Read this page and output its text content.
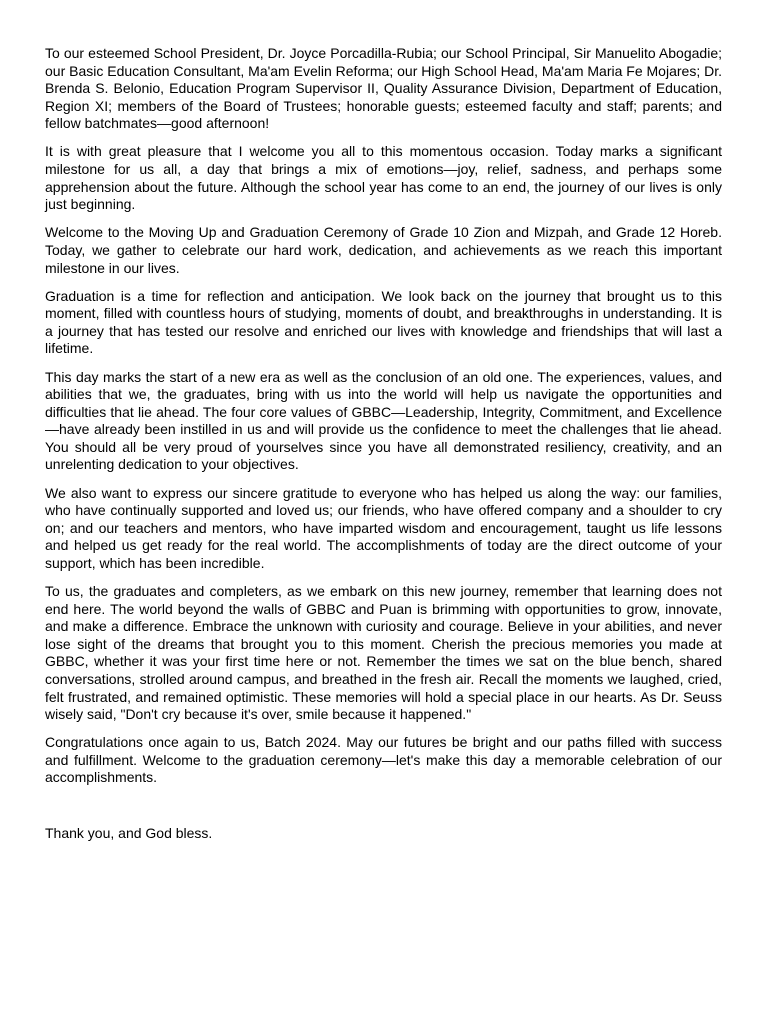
To our esteemed School President, Dr. Joyce Porcadilla-Rubia; our School Principal, Sir Manuelito Abogadie; our Basic Education Consultant, Ma'am Evelin Reforma; our High School Head, Ma'am Maria Fe Mojares; Dr. Brenda S. Belonio, Education Program Supervisor II, Quality Assurance Division, Department of Education, Region XI; members of the Board of Trustees; honorable guests; esteemed faculty and staff; parents; and fellow batchmates—good afternoon!

It is with great pleasure that I welcome you all to this momentous occasion. Today marks a significant milestone for us all, a day that brings a mix of emotions—joy, relief, sadness, and perhaps some apprehension about the future. Although the school year has come to an end, the journey of our lives is only just beginning.

Welcome to the Moving Up and Graduation Ceremony of Grade 10 Zion and Mizpah, and Grade 12 Horeb. Today, we gather to celebrate our hard work, dedication, and achievements as we reach this important milestone in our lives.

Graduation is a time for reflection and anticipation. We look back on the journey that brought us to this moment, filled with countless hours of studying, moments of doubt, and breakthroughs in understanding. It is a journey that has tested our resolve and enriched our lives with knowledge and friendships that will last a lifetime.

This day marks the start of a new era as well as the conclusion of an old one. The experiences, values, and abilities that we, the graduates, bring with us into the world will help us navigate the opportunities and difficulties that lie ahead. The four core values of GBBC—Leadership, Integrity, Commitment, and Excellence—have already been instilled in us and will provide us the confidence to meet the challenges that lie ahead. You should all be very proud of yourselves since you have all demonstrated resiliency, creativity, and an unrelenting dedication to your objectives.

We also want to express our sincere gratitude to everyone who has helped us along the way: our families, who have continually supported and loved us; our friends, who have offered company and a shoulder to cry on; and our teachers and mentors, who have imparted wisdom and encouragement, taught us life lessons and helped us get ready for the real world. The accomplishments of today are the direct outcome of your support, which has been incredible.

To us, the graduates and completers, as we embark on this new journey, remember that learning does not end here. The world beyond the walls of GBBC and Puan is brimming with opportunities to grow, innovate, and make a difference. Embrace the unknown with curiosity and courage. Believe in your abilities, and never lose sight of the dreams that brought you to this moment. Cherish the precious memories you made at GBBC, whether it was your first time here or not. Remember the times we sat on the blue bench, shared conversations, strolled around campus, and breathed in the fresh air. Recall the moments we laughed, cried, felt frustrated, and remained optimistic. These memories will hold a special place in our hearts. As Dr. Seuss wisely said, "Don't cry because it's over, smile because it happened."

Congratulations once again to us, Batch 2024. May our futures be bright and our paths filled with success and fulfillment. Welcome to the graduation ceremony—let's make this day a memorable celebration of our accomplishments.

Thank you, and God bless.
